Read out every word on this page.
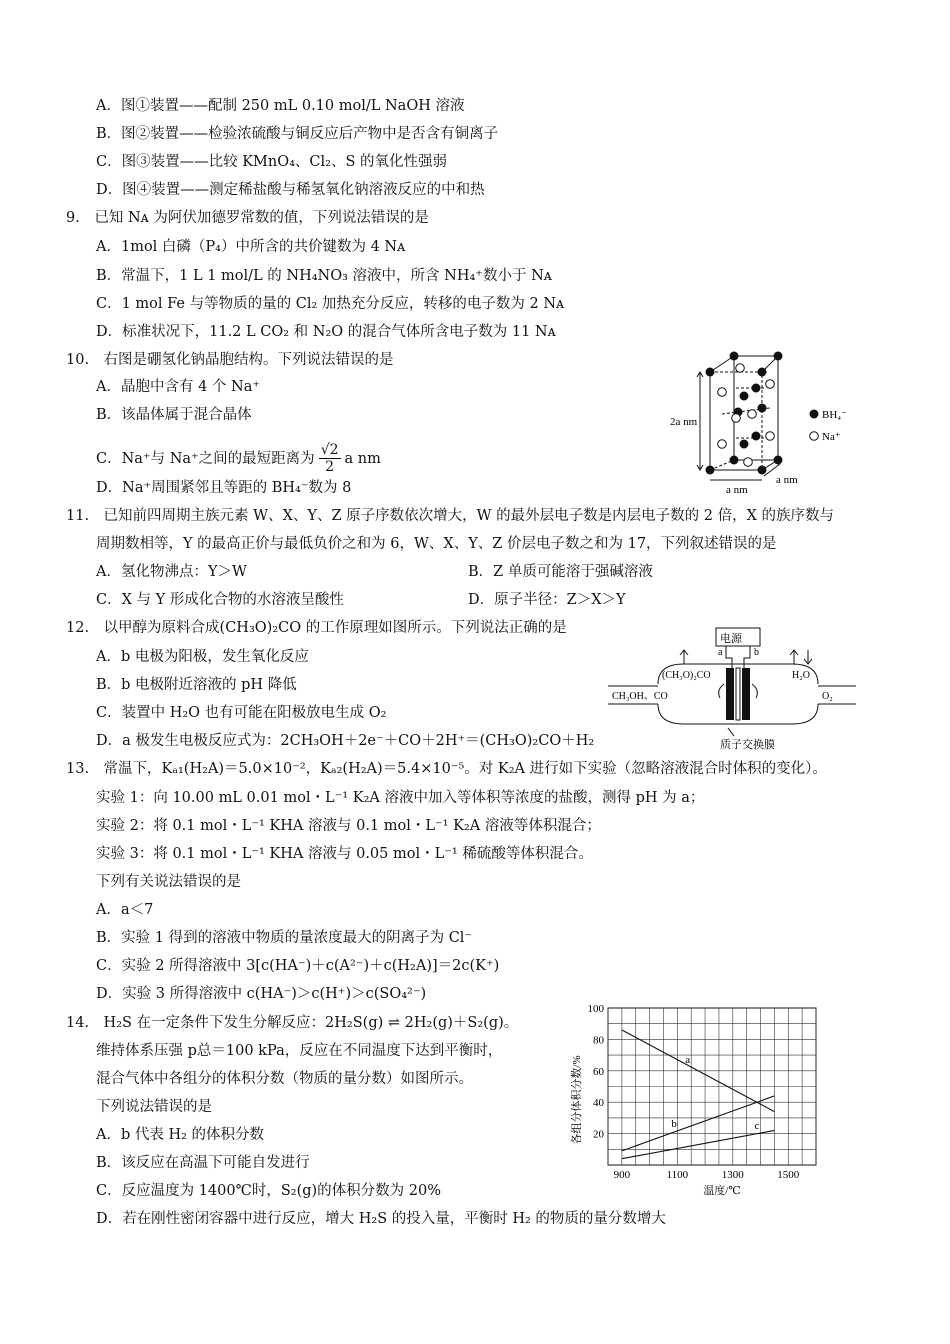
A．图①装置——配制 250 mL 0.10 mol/L NaOH 溶液
B．图②装置——检验浓硫酸与铜反应后产物中是否含有铜离子
C．图③装置——比较 KMnO₄、Cl₂、S 的氧化性强弱
D．图④装置——测定稀盐酸与稀氢氧化钠溶液反应的中和热
9.　已知 Nᴀ 为阿伏加德罗常数的值，下列说法错误的是
A．1mol 白磷（P₄）中所含的共价键数为 4 Nᴀ
B．常温下，1 L 1 mol/L 的 NH₄NO₃ 溶液中，所含 NH₄⁺数小于 Nᴀ
C．1 mol Fe 与等物质的量的 Cl₂ 加热充分反应，转移的电子数为 2 Nᴀ
D．标准状况下，11.2 L CO₂ 和 N₂O 的混合气体所含电子数为 11 Nᴀ
10.　右图是硼氢化钠晶胞结构。下列说法错误的是
A．晶胞中含有 4 个 Na⁺
B．该晶体属于混合晶体
C．Na⁺与 Na⁺之间的最短距离为 $\frac{√2}{2}$ a nm
D．Na⁺周围紧邻且等距的 BH₄⁻数为 8
2a nm
a nm
a nm
BH₄⁻
Na⁺
11.　已知前四周期主族元素 W、X、Y、Z 原子序数依次增大，W 的最外层电子数是内层电子数的 2 倍，X 的族序数与
周期数相等，Y 的最高正价与最低负价之和为 6，W、X、Y、Z 价层电子数之和为 17，下列叙述错误的是
A．氢化物沸点：Y＞W	B．Z 单质可能溶于强碱溶液
C．X 与 Y 形成化合物的水溶液呈酸性	D．原子半径：Z＞X＞Y
12.　以甲醇为原料合成(CH₃O)₂CO 的工作原理如图所示。下列说法正确的是
A．b 电极为阳极，发生氧化反应
B．b 电极附近溶液的 pH 降低
C．装置中 H₂O 也有可能在阳极放电生成 O₂
D．a 极发生电极反应式为：2CH₃OH＋2e⁻＋CO＋2H⁺＝(CH₃O)₂CO＋H₂
电源
a	b
(CH₃O)₂CO
CH₃OH、CO
H₂O
O₂
质子交换膜
13.　常温下，Kₐ₁(H₂A)＝5.0×10⁻²，Kₐ₂(H₂A)＝5.4×10⁻⁵。对 K₂A 进行如下实验（忽略溶液混合时体积的变化）。
实验 1：向 10.00 mL 0.01 mol・L⁻¹ K₂A 溶液中加入等体积等浓度的盐酸，测得 pH 为 a；
实验 2：将 0.1 mol・L⁻¹ KHA 溶液与 0.1 mol・L⁻¹ K₂A 溶液等体积混合；
实验 3：将 0.1 mol・L⁻¹ KHA 溶液与 0.05 mol・L⁻¹ 稀硫酸等体积混合。
下列有关说法错误的是
A．a＜7
B．实验 1 得到的溶液中物质的量浓度最大的阴离子为 Cl⁻
C．实验 2 所得溶液中 3[c(HA⁻)＋c(A²⁻)＋c(H₂A)]＝2c(K⁺)
D．实验 3 所得溶液中 c(HA⁻)＞c(H⁺)＞c(SO₄²⁻)
14.　H₂S 在一定条件下发生分解反应：2H₂S(g) ⇌ 2H₂(g)＋S₂(g)。
维持体系压强 p总＝100 kPa，反应在不同温度下达到平衡时，
混合气体中各组分的体积分数（物质的量分数）如图所示。
下列说法错误的是
A．b 代表 H₂ 的体积分数
B．该反应在高温下可能自发进行
C．反应温度为 1400℃时，S₂(g)的体积分数为 20%
D．若在刚性密闭容器中进行反应，增大 H₂S 的投入量，平衡时 H₂ 的物质的量分数增大
900	1100	1300	1500
20
40
60
80
100
a
b	c
各组分体积分数/%
温度/℃
